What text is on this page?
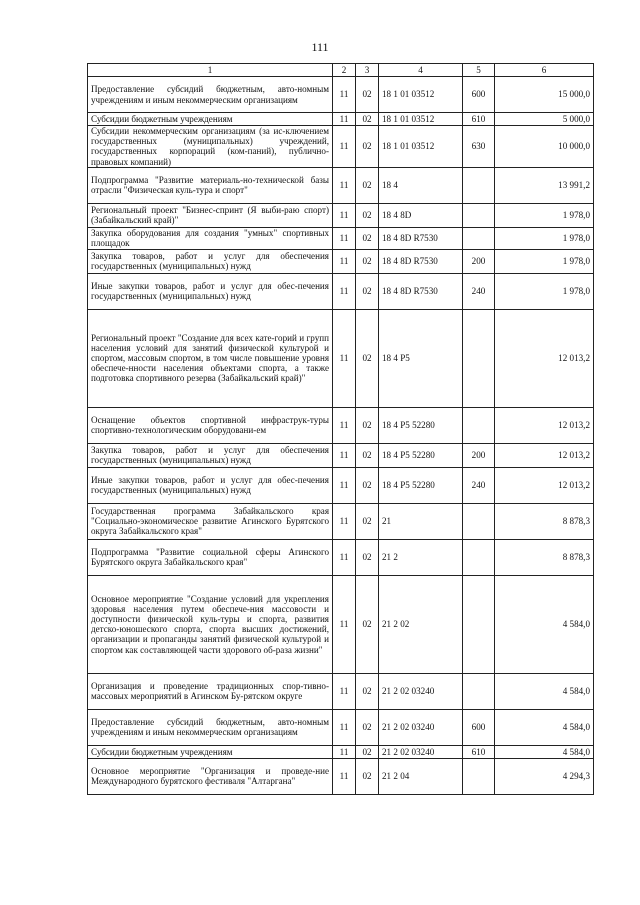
111
1	2	3	4	5	6
Предоставление субсидий бюджетным, авто-номным учреждениям и иным некоммерческим организациям	11	02	18 1 01 03512	600	15 000,0
Субсидии бюджетным учреждениям	11	02	18 1 01 03512	610	5 000,0
Субсидии некоммерческим организациям (за ис-ключением государственных (муниципальных) учреждений, государственных корпораций (ком-паний), публично-правовых компаний)	11	02	18 1 01 03512	630	10 000,0
Подпрограмма "Развитие материаль-но-технической базы отрасли "Физическая куль-тура и спорт"	11	02	18 4		13 991,2
Региональный проект "Бизнес-спринт (Я выби-раю спорт) (Забайкальский край)"	11	02	18 4 8D		1 978,0
Закупка оборудования для создания "умных" спортивных площадок	11	02	18 4 8D R7530		1 978,0
Закупка товаров, работ и услуг для обеспечения государственных (муниципальных) нужд	11	02	18 4 8D R7530	200	1 978,0
Иные закупки товаров, работ и услуг для обес-печения государственных (муниципальных) нужд	11	02	18 4 8D R7530	240	1 978,0
Региональный проект "Создание для всех кате-горий и групп населения условий для занятий физической культурой и спортом, массовым спортом, в том числе повышение уровня обеспече-нности населения объектами спорта, а также подготовка спортивного резерва (Забайкальский край)"	11	02	18 4 P5		12 013,2
Оснащение объектов спортивной инфраструк-туры спортивно-технологическим оборудовани-ем	11	02	18 4 P5 52280		12 013,2
Закупка товаров, работ и услуг для обеспечения государственных (муниципальных) нужд	11	02	18 4 P5 52280	200	12 013,2
Иные закупки товаров, работ и услуг для обес-печения государственных (муниципальных) нужд	11	02	18 4 P5 52280	240	12 013,2
Государственная программа Забайкальского края "Социально-экономическое развитие Агинского Бурятского округа Забайкальского края"	11	02	21		8 878,3
Подпрограмма "Развитие социальной сферы Агинского Бурятского округа Забайкальского края"	11	02	21 2		8 878,3
Основное мероприятие "Создание условий для укрепления здоровья населения путем обеспече-ния массовости и доступности физической куль-туры и спорта, развития детско-юношеского спорта, спорта высших достижений, организации и пропаганды занятий физической культурой и спортом как составляющей части здорового об-раза жизни"	11	02	21 2 02		4 584,0
Организация и проведение традиционных спор-тивно-массовых мероприятий в Агинском Бу-рятском округе	11	02	21 2 02 03240		4 584,0
Предоставление субсидий бюджетным, авто-номным учреждениям и иным некоммерческим организациям	11	02	21 2 02 03240	600	4 584,0
Субсидии бюджетным учреждениям	11	02	21 2 02 03240	610	4 584,0
Основное мероприятие "Организация и проведе-ние Международного бурятского фестиваля "Алтаргана"	11	02	21 2 04		4 294,3
